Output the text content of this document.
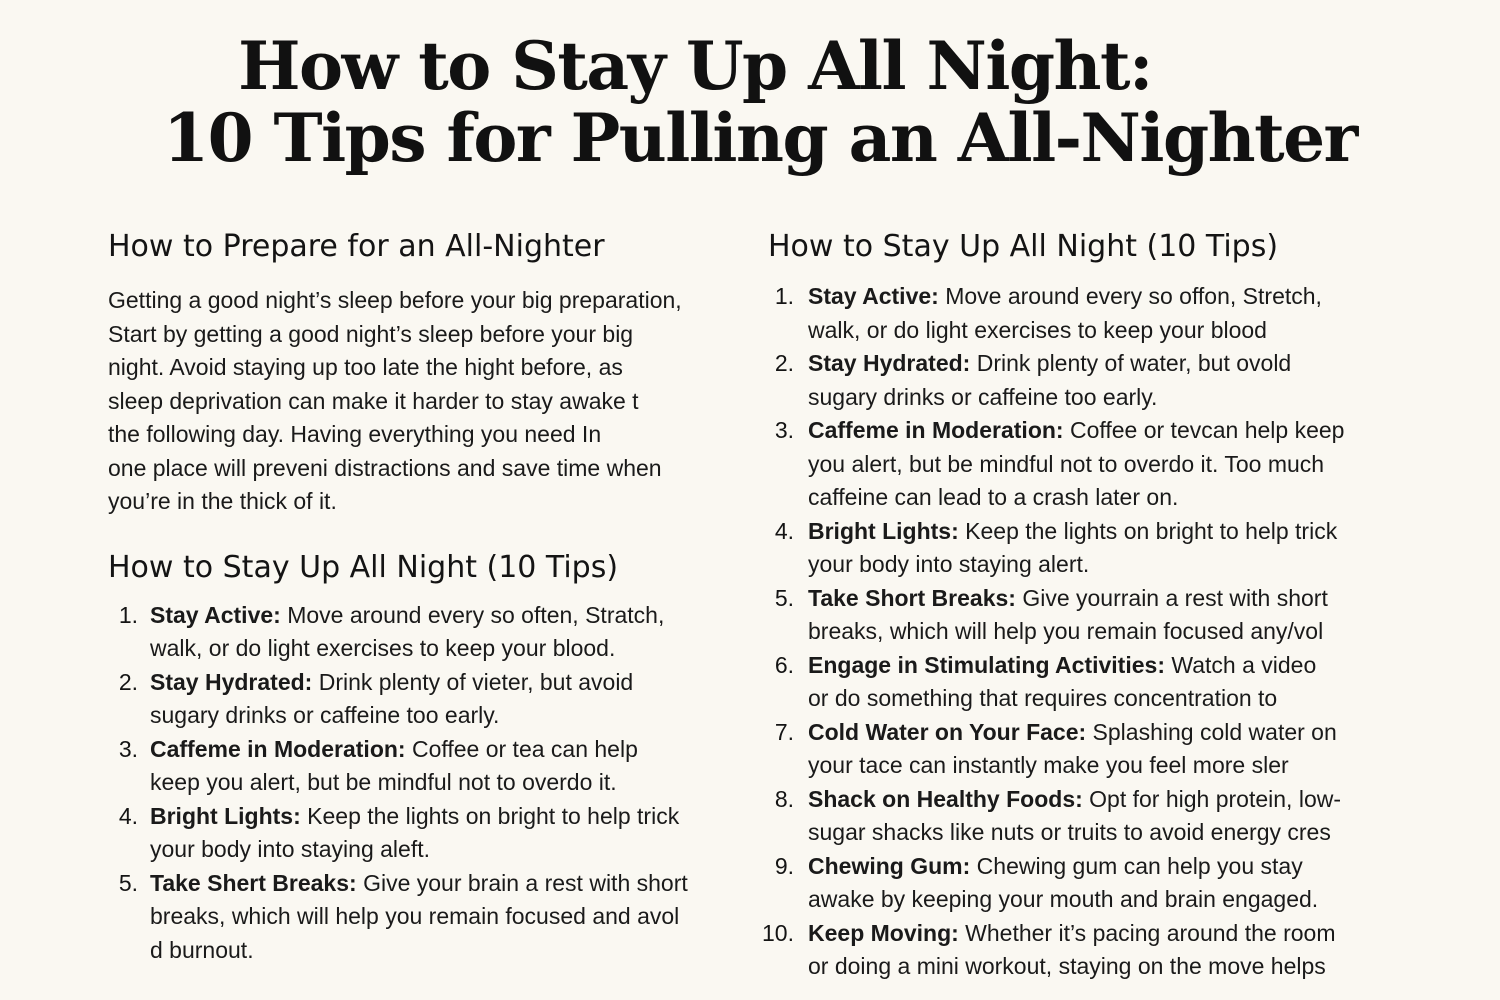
How to Stay Up All Night:
10 Tips for Pulling an All-Nighter
How to Prepare for an All-Nighter

Getting a good night’s sleep before your big preparation,

Start by getting a good night’s sleep before your big

night. Avoid staying up too late the hight before, as

sleep deprivation can make it harder to stay awake t

the following day. Having everything you need In

one place will preveni distractions and save time when

you’re in the thick of it.

How to Stay Up All Night (10 Tips)
1. Stay Active: Move around every so often, Stratch,
walk, or do light exercises to keep your blood.
2. Stay Hydrated: Drink plenty of vieter, but avoid
sugary drinks or caffeine too early.
3. Caffeme in Moderation: Coffee or tea can help
keep you alert, but be mindful not to overdo it.
4. Bright Lights: Keep the lights on bright to help trick
your body into staying aleft.
5. Take Shert Breaks: Give your brain a rest with short
breaks, which will help you remain focused and avol
d burnout.
How to Stay Up All Night (10 Tips)
1. Stay Active: Move around every so offon, Stretch,
walk, or do light exercises to keep your blood
2. Stay Hydrated: Drink plenty of water, but ovold
sugary drinks or caffeine too early.
3. Caffeme in Moderation: Coffee or tevcan help keep
you alert, but be mindful not to overdo it. Too much
caffeine can lead to a crash later on.
4. Bright Lights: Keep the lights on bright to help trick
your body into staying alert.
5. Take Short Breaks: Give yourrain a rest with short
breaks, which will help you remain focused any/vol
6. Engage in Stimulating Activities: Watch a video
or do something that requires concentration to
7. Cold Water on Your Face: Splashing cold water on
your tace can instantly make you feel more sler
8. Shack on Healthy Foods: Opt for high protein, low-
sugar shacks like nuts or truits to avoid energy cres
9. Chewing Gum: Chewing gum can help you stay
awake by keeping your mouth and brain engaged.
10. Keep Moving: Whether it’s pacing around the room
or doing a mini workout, staying on the move helps
